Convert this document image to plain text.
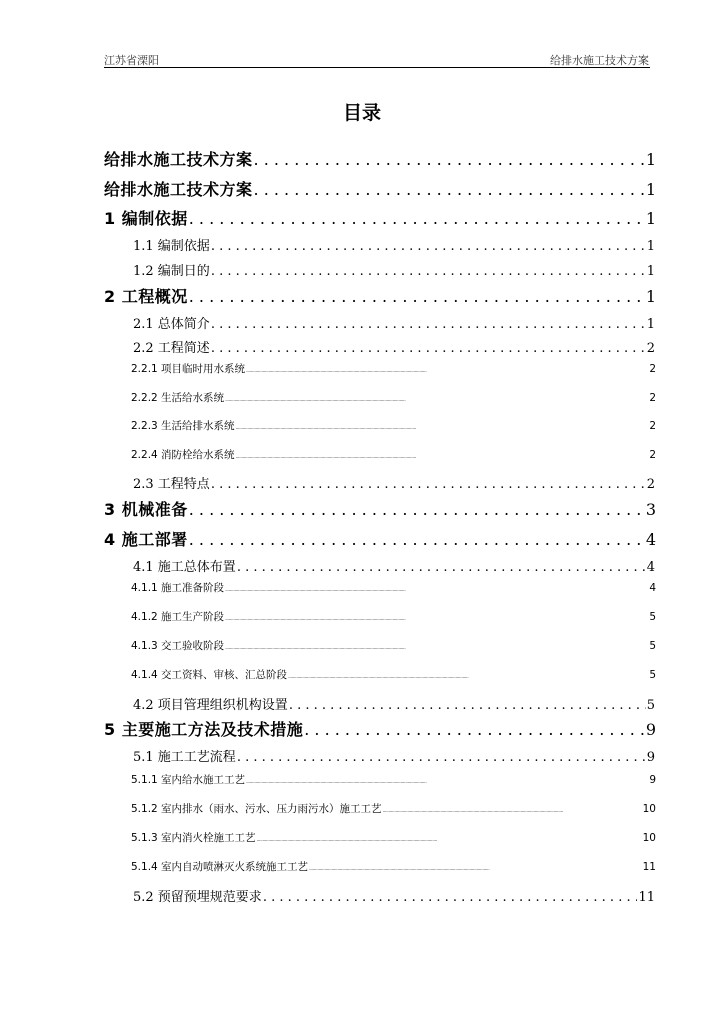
江苏省溧阳	给排水施工技术方案
目录
给排水施工技术方案 . . .	1
给排水施工技术方案 . . .	1
1 编制依据 . . .	1
1.1 编制依据 . . .	1
1.2 编制日的 . . .	1
2 工程概况 . . .	1
2.1 总体简介 . . .	1
2.2 工程简述 . . .	2
2.2.1 项目临时用水系统 . . .	2
2.2.2 生活给水系统 . . .	2
2.2.3 生活给排水系统 . . .	2
2.2.4 消防栓给水系统 . . .	2
2.3 工程特点 . . .	2
3 机械准备 . . .	3
4 施工部署 . . .	4
4.1 施工总体布置 . . .	4
4.1.1 施工准备阶段 . . .	4
4.1.2 施工生产阶段 . . .	5
4.1.3 交工验收阶段 . . .	5
4.1.4 交工资料、审核、汇总阶段 . . .	5
4.2 项目管理组织机构设置 . . .	5
5 主要施工方法及技术措施 . . .	9
5.1 施工工艺流程 . . .	9
5.1.1 室内给水施工工艺 . . .	9
5.1.2 室内排水（雨水、污水、压力雨污水）施工工艺 . . .	10
5.1.3 室内消火栓施工工艺 . . .	10
5.1.4 室内自动喷淋灭火系统施工工艺 . . .	11
5.2 预留预埋规范要求 . . .	11
